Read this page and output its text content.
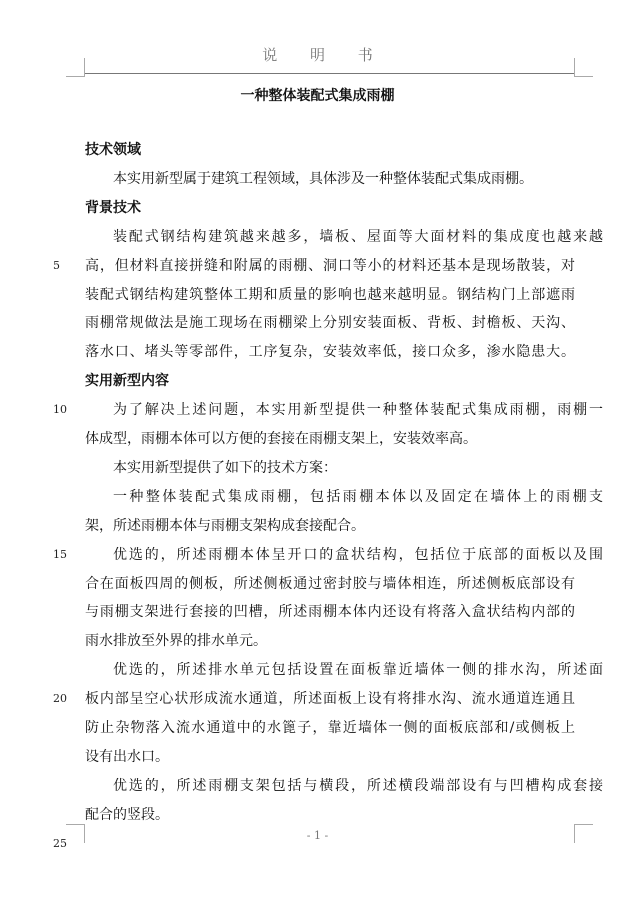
说 明 书
一种整体装配式集成雨棚
技术领域
本实用新型属于建筑工程领域，具体涉及一种整体装配式集成雨棚。
背景技术
装配式钢结构建筑越来越多，墙板、屋面等大面材料的集成度也越来越
高，但材料直接拼缝和附属的雨棚、洞口等小的材料还基本是现场散装，对
装配式钢结构建筑整体工期和质量的影响也越来越明显。钢结构门上部遮雨
雨棚常规做法是施工现场在雨棚梁上分别安装面板、背板、封檐板、天沟、
落水口、堵头等零部件，工序复杂，安装效率低，接口众多，渗水隐患大。
实用新型内容
为了解决上述问题，本实用新型提供一种整体装配式集成雨棚，雨棚一
体成型，雨棚本体可以方便的套接在雨棚支架上，安装效率高。
本实用新型提供了如下的技术方案：
一种整体装配式集成雨棚，包括雨棚本体以及固定在墙体上的雨棚支
架，所述雨棚本体与雨棚支架构成套接配合。
优选的，所述雨棚本体呈开口的盒状结构，包括位于底部的面板以及围
合在面板四周的侧板，所述侧板通过密封胶与墙体相连，所述侧板底部设有
与雨棚支架进行套接的凹槽，所述雨棚本体内还设有将落入盒状结构内部的
雨水排放至外界的排水单元。
优选的，所述排水单元包括设置在面板靠近墙体一侧的排水沟，所述面
板内部呈空心状形成流水通道，所述面板上设有将排水沟、流水通道连通且
防止杂物落入流水通道中的水篦子，靠近墙体一侧的面板底部和/或侧板上
设有出水口。
优选的，所述雨棚支架包括与横段，所述横段端部设有与凹槽构成套接
配合的竖段。
5
10
15
20
25
- 1 -
